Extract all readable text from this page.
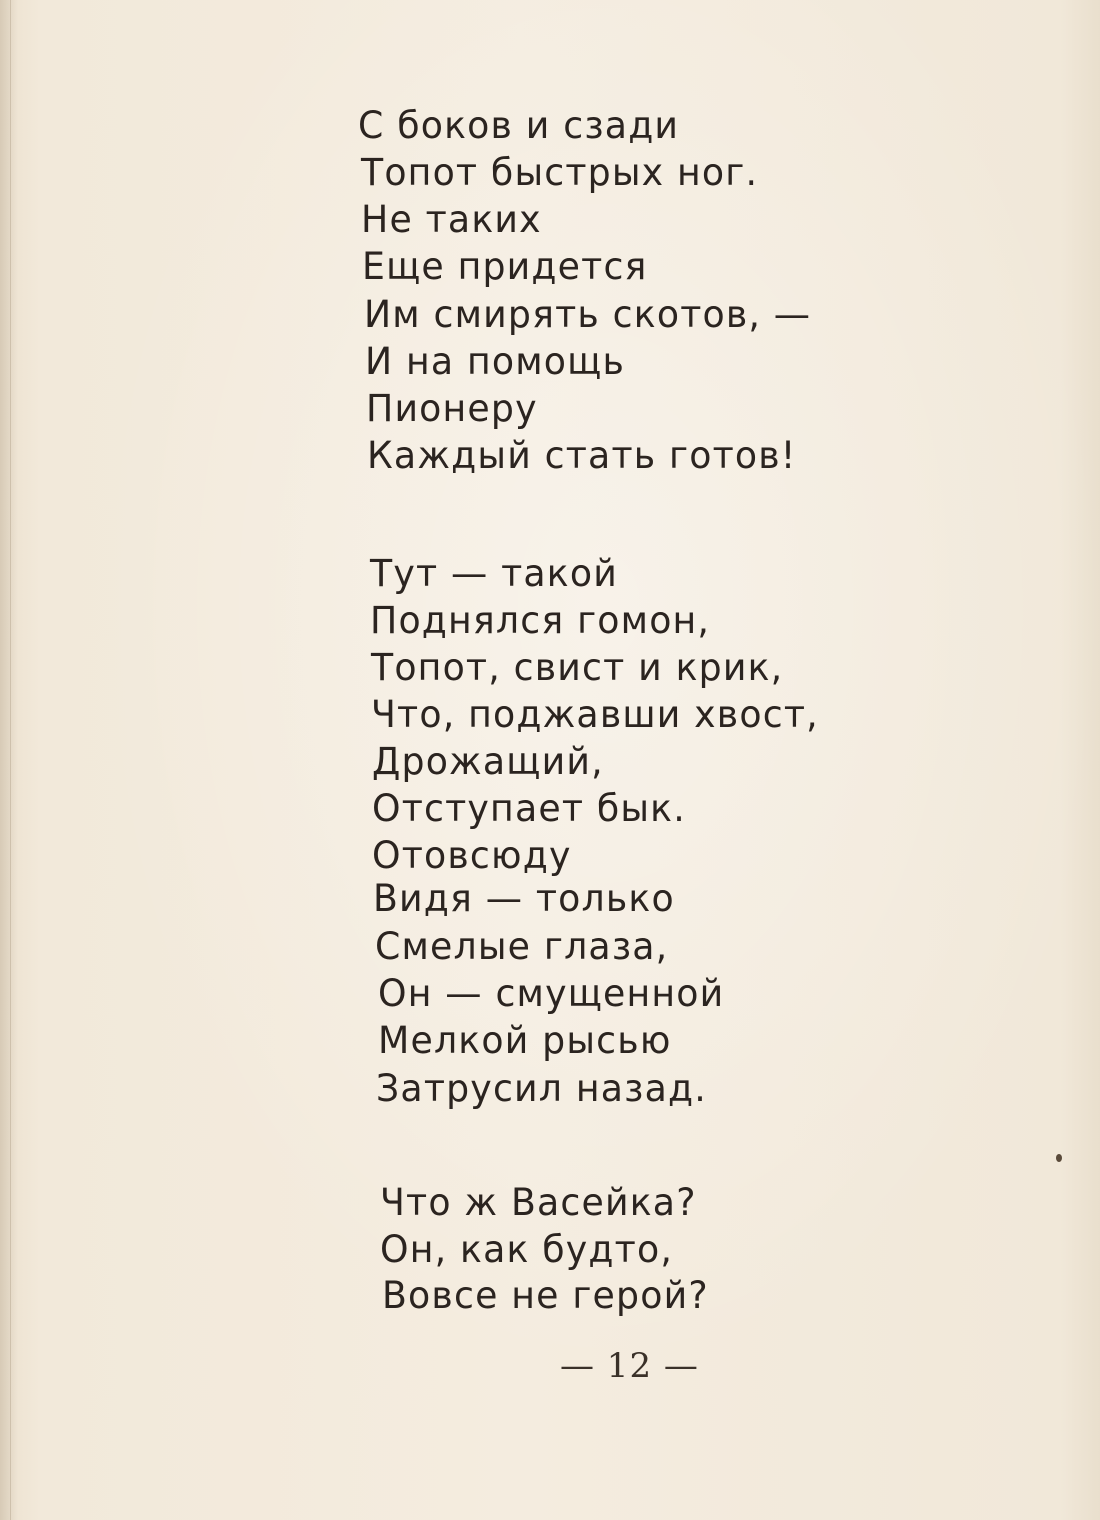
С боков и сзади
Топот быстрых ног.
Не таких
Еще придется
Им смирять скотов, —
И на помощь
Пионеру
Каждый стать готов!
Тут — такой
Поднялся гомон,
Топот, свист и крик,
Что, поджавши хвост,
Дрожащий,
Отступает бык.
Отовсюду
Видя — только
Смелые глаза,
Он — смущенной
Мелкой рысью
Затрусил назад.
Что ж Васейка?
Он, как будто,
Вовсе не герой?
— 12 —
